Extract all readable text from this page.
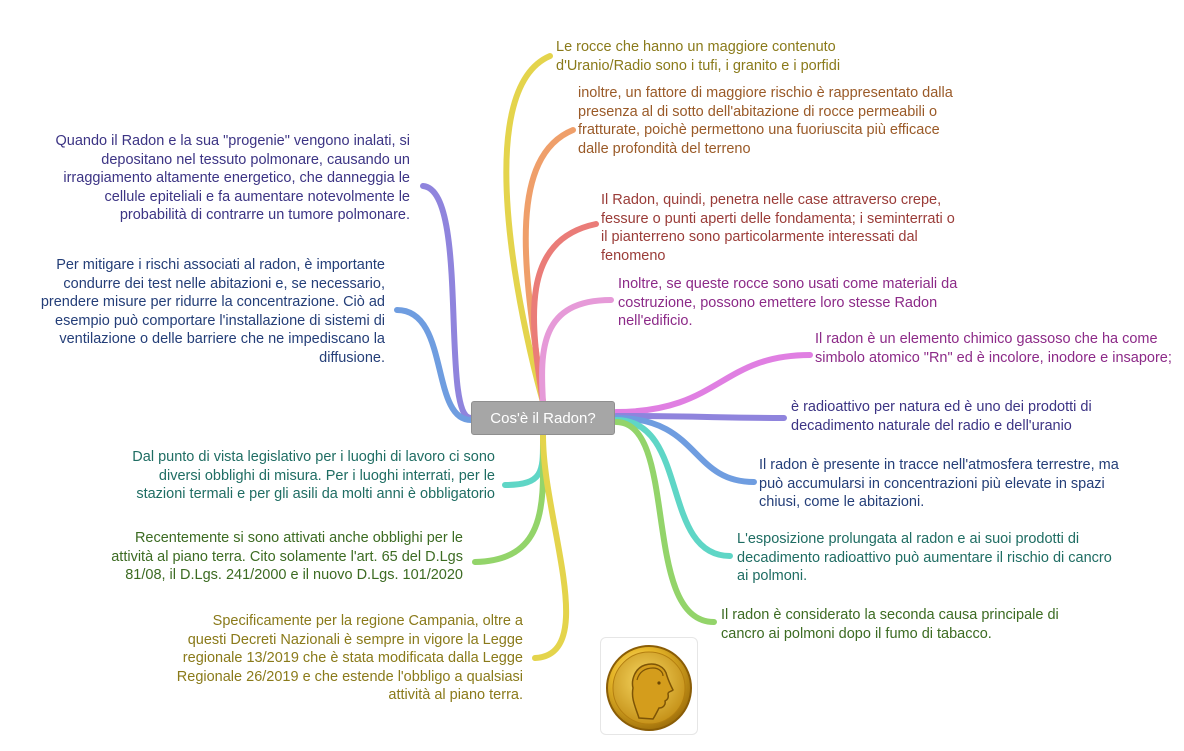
Le rocce che hanno un maggiore contenuto d'Uranio/Radio sono i tufi, i granito e i porfidi

inoltre, un fattore di maggiore rischio è rappresentato dalla presenza al di sotto dell'abitazione di rocce permeabili o fratturate, poichè permettono una fuoriuscita più efficace dalle profondità del terreno

Il Radon, quindi, penetra nelle case attraverso crepe, fessure o punti aperti delle fondamenta; i seminterrati o il pianterreno sono particolarmente interessati dal fenomeno

Inoltre, se queste rocce sono usati come materiali da costruzione, possono emettere loro stesse Radon nell'edificio.

Il radon è un elemento chimico gassoso che ha come simbolo atomico "Rn" ed è incolore, inodore e insapore;

è radioattivo per natura ed è uno dei prodotti di decadimento naturale del radio e dell'uranio

Il radon è presente in tracce nell'atmosfera terrestre, ma può accumularsi in concentrazioni più elevate in spazi chiusi, come le abitazioni.

L'esposizione prolungata al radon e ai suoi prodotti di decadimento radioattivo può aumentare il rischio di cancro ai polmoni.

Il radon è considerato la seconda causa principale di cancro ai polmoni dopo il fumo di tabacco.

Quando il Radon e la sua "progenie" vengono inalati, si depositano nel tessuto polmonare, causando un irraggiamento altamente energetico, che danneggia le cellule epiteliali e fa aumentare notevolmente le probabilità di contrarre un tumore polmonare.

Per mitigare i rischi associati al radon, è importante condurre dei test nelle abitazioni e, se necessario, prendere misure per ridurre la concentrazione. Ciò ad esempio può comportare l'installazione di sistemi di ventilazione o delle barriere che ne impediscano la diffusione.

Dal punto di vista legislativo per i luoghi di lavoro ci sono diversi obblighi di misura. Per i luoghi interrati, per le stazioni termali e per gli asili da molti anni è obbligatorio

Recentemente si sono attivati anche obblighi per le attività al piano terra. Cito solamente l'art. 65 del D.Lgs 81/08, il D.Lgs. 241/2000 e il nuovo D.Lgs. 101/2020

Specificamente per la regione Campania, oltre a questi Decreti Nazionali è sempre in vigore la Legge regionale 13/2019 che è stata modificata dalla Legge Regionale 26/2019 e che estende l'obbligo a qualsiasi attività al piano terra.

Cos'è il Radon?
